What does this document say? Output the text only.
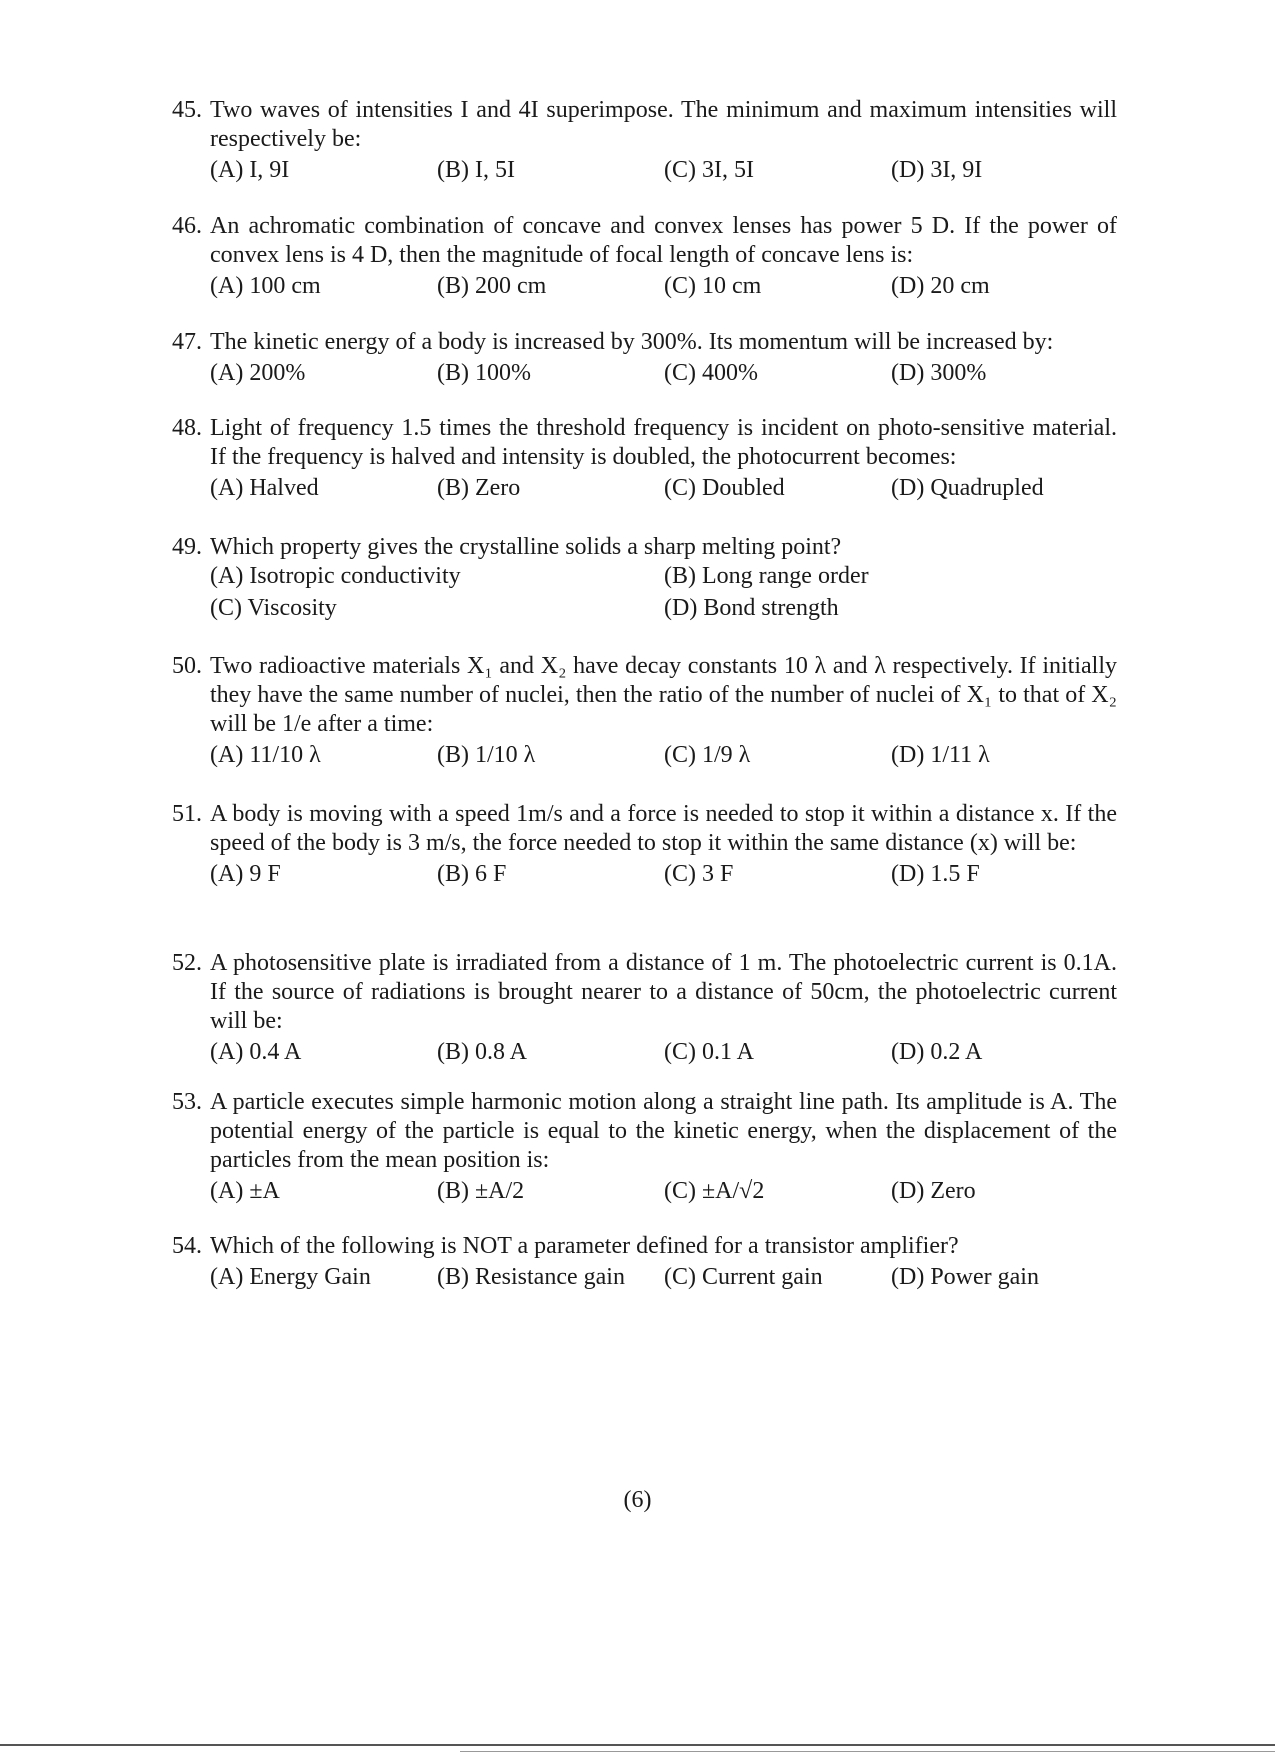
45. Two waves of intensities I and 4I superimpose. The minimum and maximum intensities will respectively be:
(A) I, 9I	(B) I, 5I	(C) 3I, 5I	(D) 3I, 9I
46. An achromatic combination of concave and convex lenses has power 5 D. If the power of convex lens is 4 D, then the magnitude of focal length of concave lens is:
(A) 100 cm	(B) 200 cm	(C) 10 cm	(D) 20 cm
47. The kinetic energy of a body is increased by 300%. Its momentum will be increased by:
(A) 200%	(B) 100%	(C) 400%	(D) 300%
48. Light of frequency 1.5 times the threshold frequency is incident on photo-sensitive material. If the frequency is halved and intensity is doubled, the photocurrent becomes:
(A) Halved	(B) Zero	(C) Doubled	(D) Quadrupled
49. Which property gives the crystalline solids a sharp melting point?
(A) Isotropic conductivity	(B) Long range order
(C) Viscosity	(D) Bond strength
50. Two radioactive materials X₁ and X₂ have decay constants 10 λ and λ respectively. If initially they have the same number of nuclei, then the ratio of the number of nuclei of X₁ to that of X₂ will be 1/e after a time:
(A) 11/10 λ	(B) 1/10 λ	(C) 1/9 λ	(D) 1/11 λ
51. A body is moving with a speed 1m/s and a force is needed to stop it within a distance x. If the speed of the body is 3 m/s, the force needed to stop it within the same distance (x) will be:
(A) 9 F	(B) 6 F	(C) 3 F	(D) 1.5 F
52. A photosensitive plate is irradiated from a distance of 1 m. The photoelectric current is 0.1A. If the source of radiations is brought nearer to a distance of 50cm, the photoelectric current will be:
(A) 0.4 A	(B) 0.8 A	(C) 0.1 A	(D) 0.2 A
53. A particle executes simple harmonic motion along a straight line path. Its amplitude is A. The potential energy of the particle is equal to the kinetic energy, when the displacement of the particles from the mean position is:
(A) ±A	(B) ±A/2	(C) ±A/√2	(D) Zero
54. Which of the following is NOT a parameter defined for a transistor amplifier?
(A) Energy Gain	(B) Resistance gain (C) Current gain	(D) Power gain
(6)
